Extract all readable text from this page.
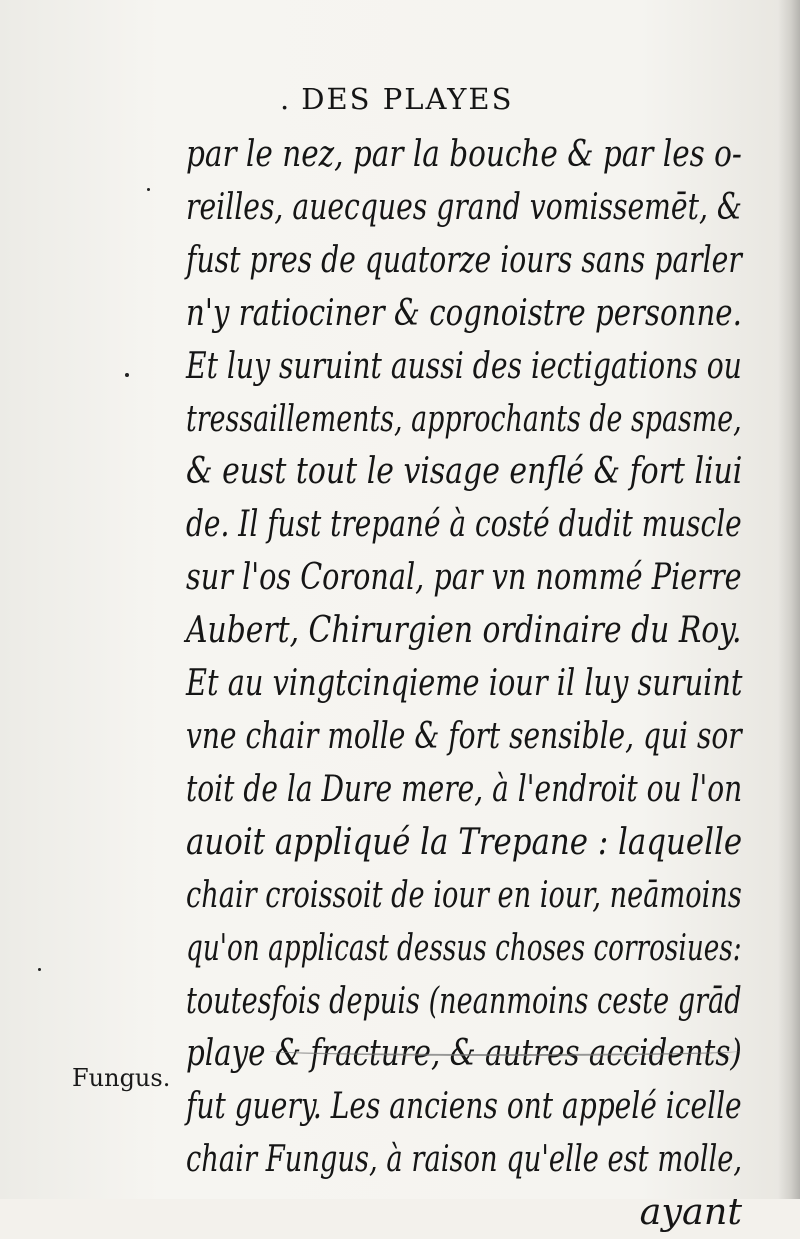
. DES PLAYES
par le nez, par la bouche & par les o-
reilles, auecques grand vomissemēt, &
fust pres de quatorze iours sans parler
n'y ratiociner & cognoistre personne.
Et luy suruint aussi des iectigations ou
tressaillements, approchants de spasme,
& eust tout le visage enflé & fort liui
de. Il fust trepané à costé dudit muscle
sur l'os Coronal, par vn nommé Pierre
Aubert, Chirurgien ordinaire du Roy.
Et au vingtcinqieme iour il luy suruint
vne chair molle & fort sensible, qui sor
toit de la Dure mere, à l'endroit ou l'on
auoit appliqué la Trepane : laquelle
chair croissoit de iour en iour, neāmoins
qu'on applicast dessus choses corrosiues:
toutesfois depuis (neanmoins ceste grād
playe & fracture, & autres accidents)
fut guery. Les anciens ont appelé icelle
chair Fungus, à raison qu'elle est molle,
ayant
Fungus.
